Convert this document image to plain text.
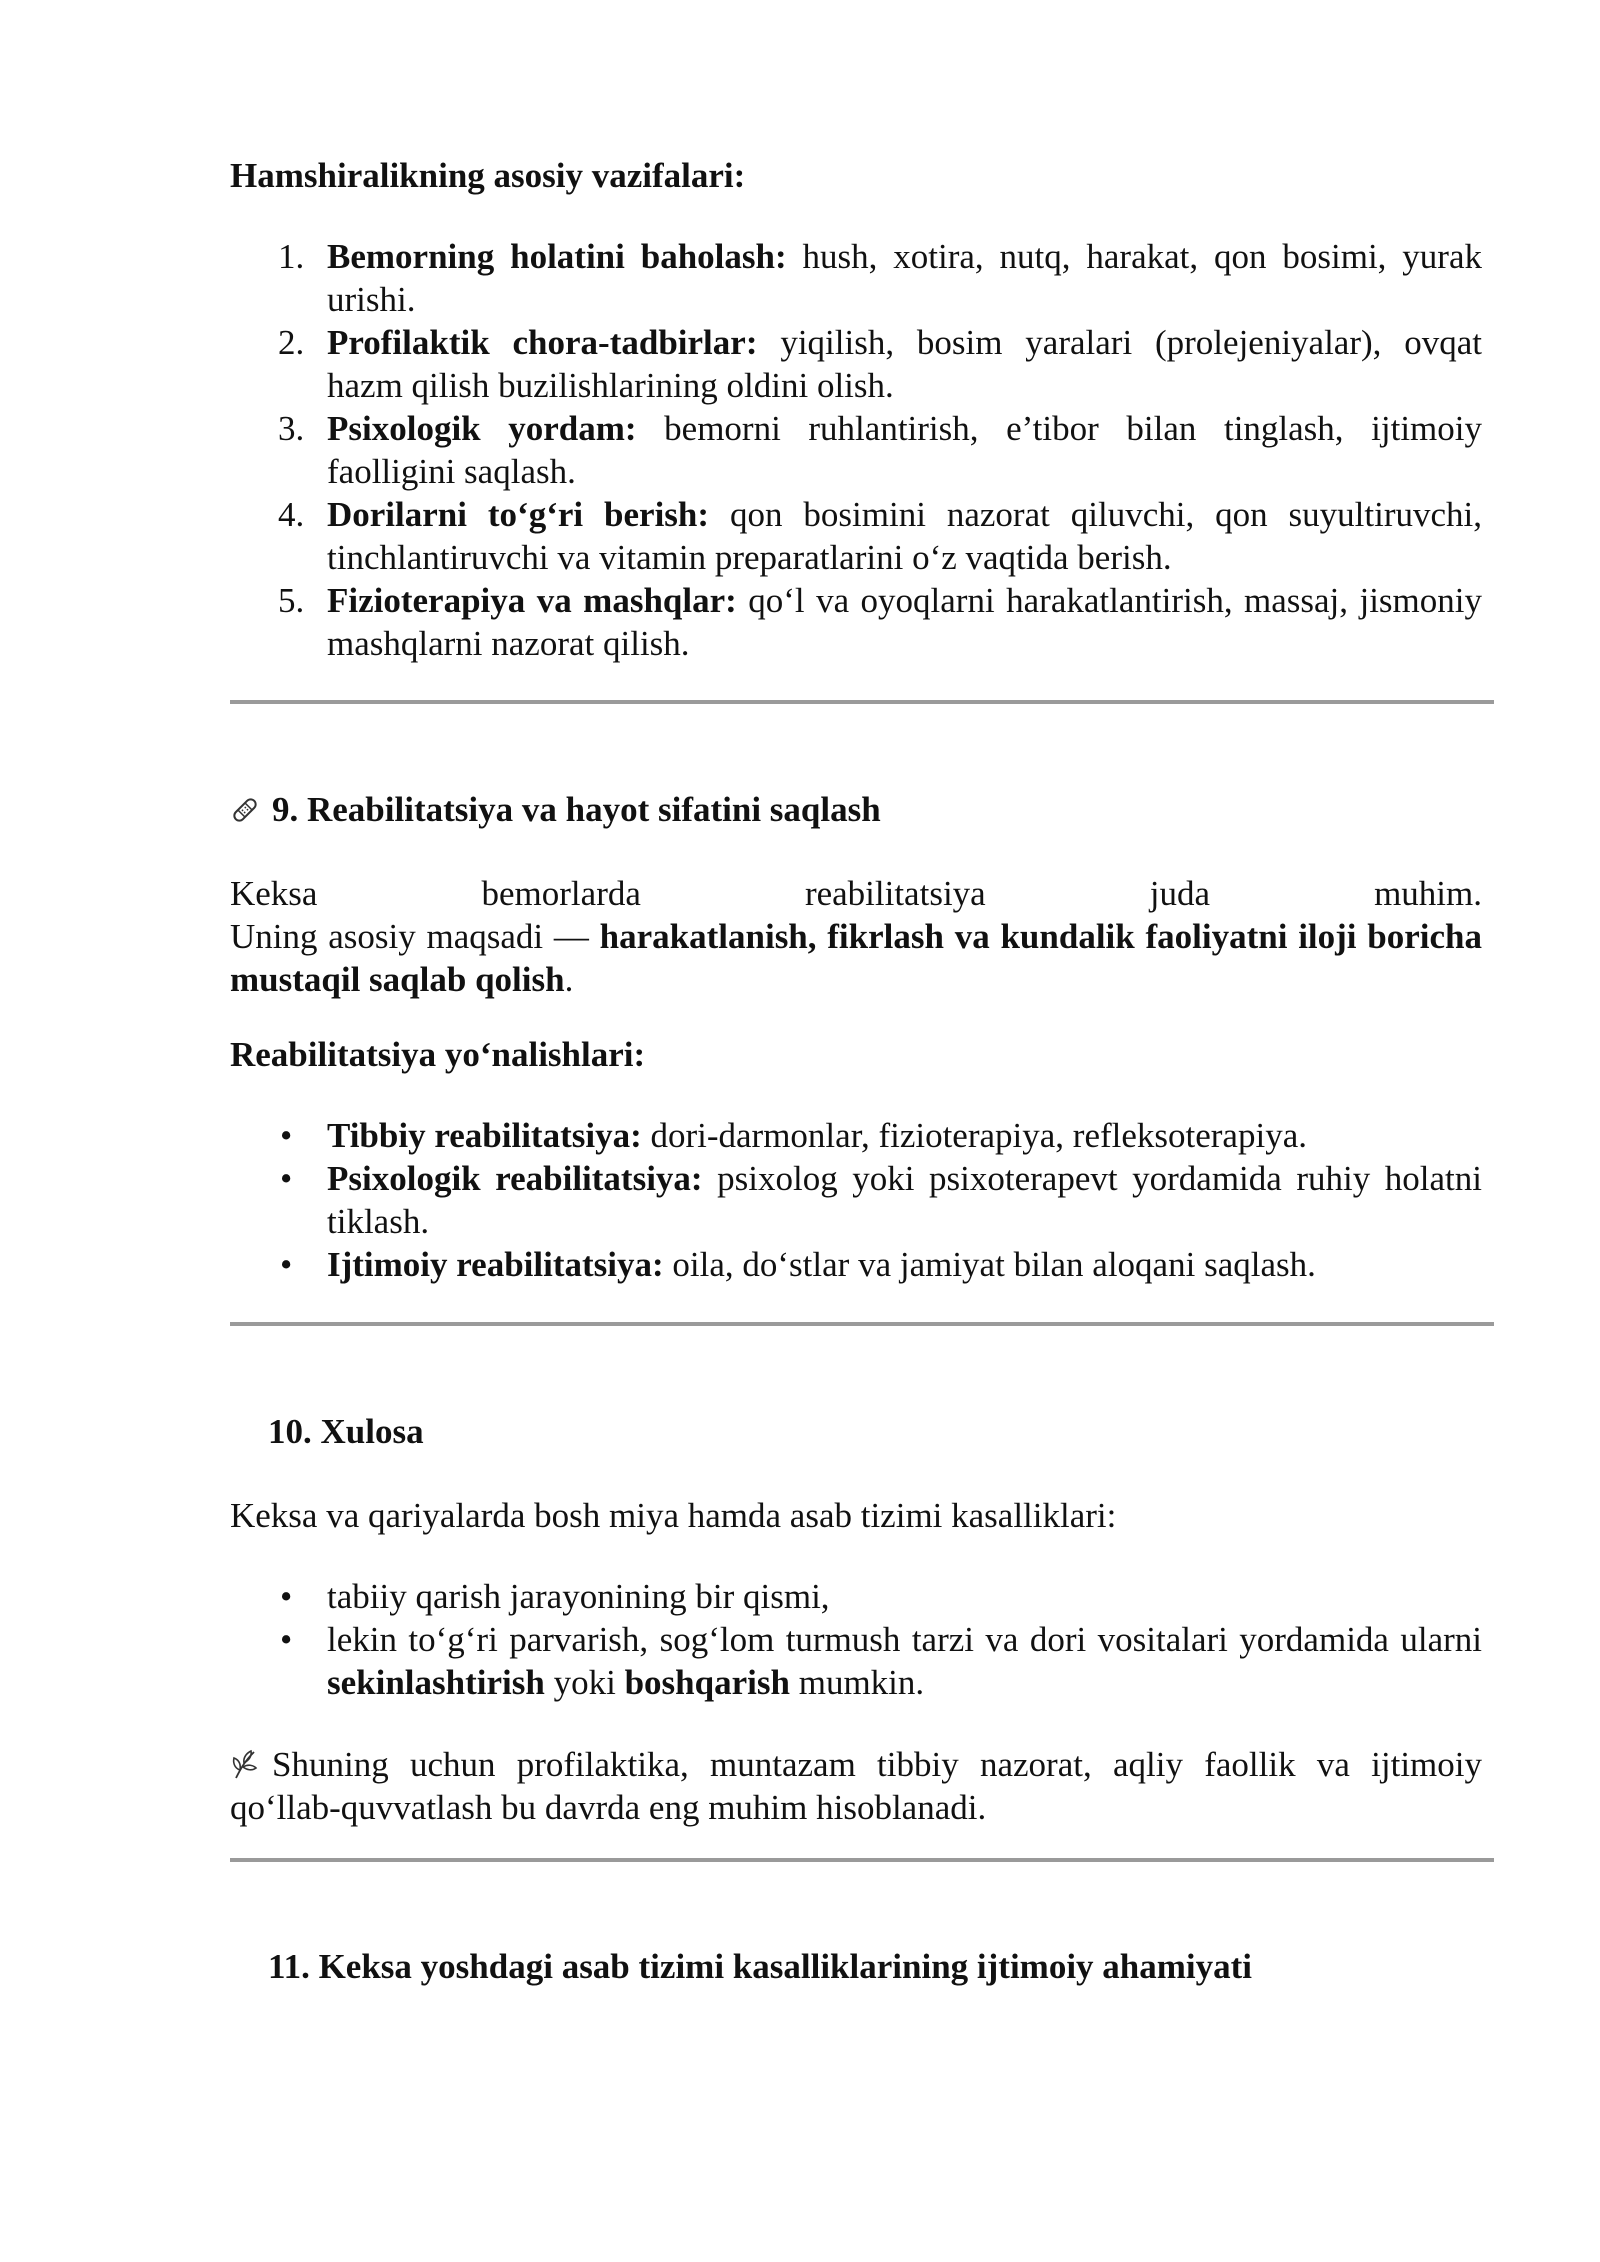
Hamshiralikning asosiy vazifalari:
1. Bemorning holatini baholash: hush, xotira, nutq, harakat, qon bosimi, yurak urishi.
2. Profilaktik chora-tadbirlar: yiqilish, bosim yaralari (prolejeniyalar), ovqat hazm qilish buzilishlarining oldini olish.
3. Psixologik yordam: bemorni ruhlantirish, e’tibor bilan tinglash, ijtimoiy faolligini saqlash.
4. Dorilarni to‘g‘ri berish: qon bosimini nazorat qiluvchi, qon suyultiruvchi, tinchlantiruvchi va vitamin preparatlarini o‘z vaqtida berish.
5. Fizioterapiya va mashqlar: qo‘l va oyoqlarni harakatlantirish, massaj, jismoniy mashqlarni nazorat qilish.
9. Reabilitatsiya va hayot sifatini saqlash

Keksa bemorlarda reabilitatsiya juda muhim.

Uning asosiy maqsadi — harakatlanish, fikrlash va kundalik faoliyatni iloji boricha mustaqil saqlab qolish.

Reabilitatsiya yo‘nalishlari:
• Tibbiy reabilitatsiya: dori-darmonlar, fizioterapiya, refleksoterapiya.
• Psixologik reabilitatsiya: psixolog yoki psixoterapevt yordamida ruhiy holatni tiklash.
• Ijtimoiy reabilitatsiya: oila, do‘stlar va jamiyat bilan aloqani saqlash.
10. Xulosa

Keksa va qariyalarda bosh miya hamda asab tizimi kasalliklari:

• tabiiy qarish jarayonining bir qismi,
• lekin to‘g‘ri parvarish, sog‘lom turmush tarzi va dori vositalari yordamida ularni sekinlashtirish yoki boshqarish mumkin.

Shuning uchun profilaktika, muntazam tibbiy nazorat, aqliy faollik va ijtimoiy qo‘llab-quvvatlash bu davrda eng muhim hisoblanadi.

11. Keksa yoshdagi asab tizimi kasalliklarining ijtimoiy ahamiyati
